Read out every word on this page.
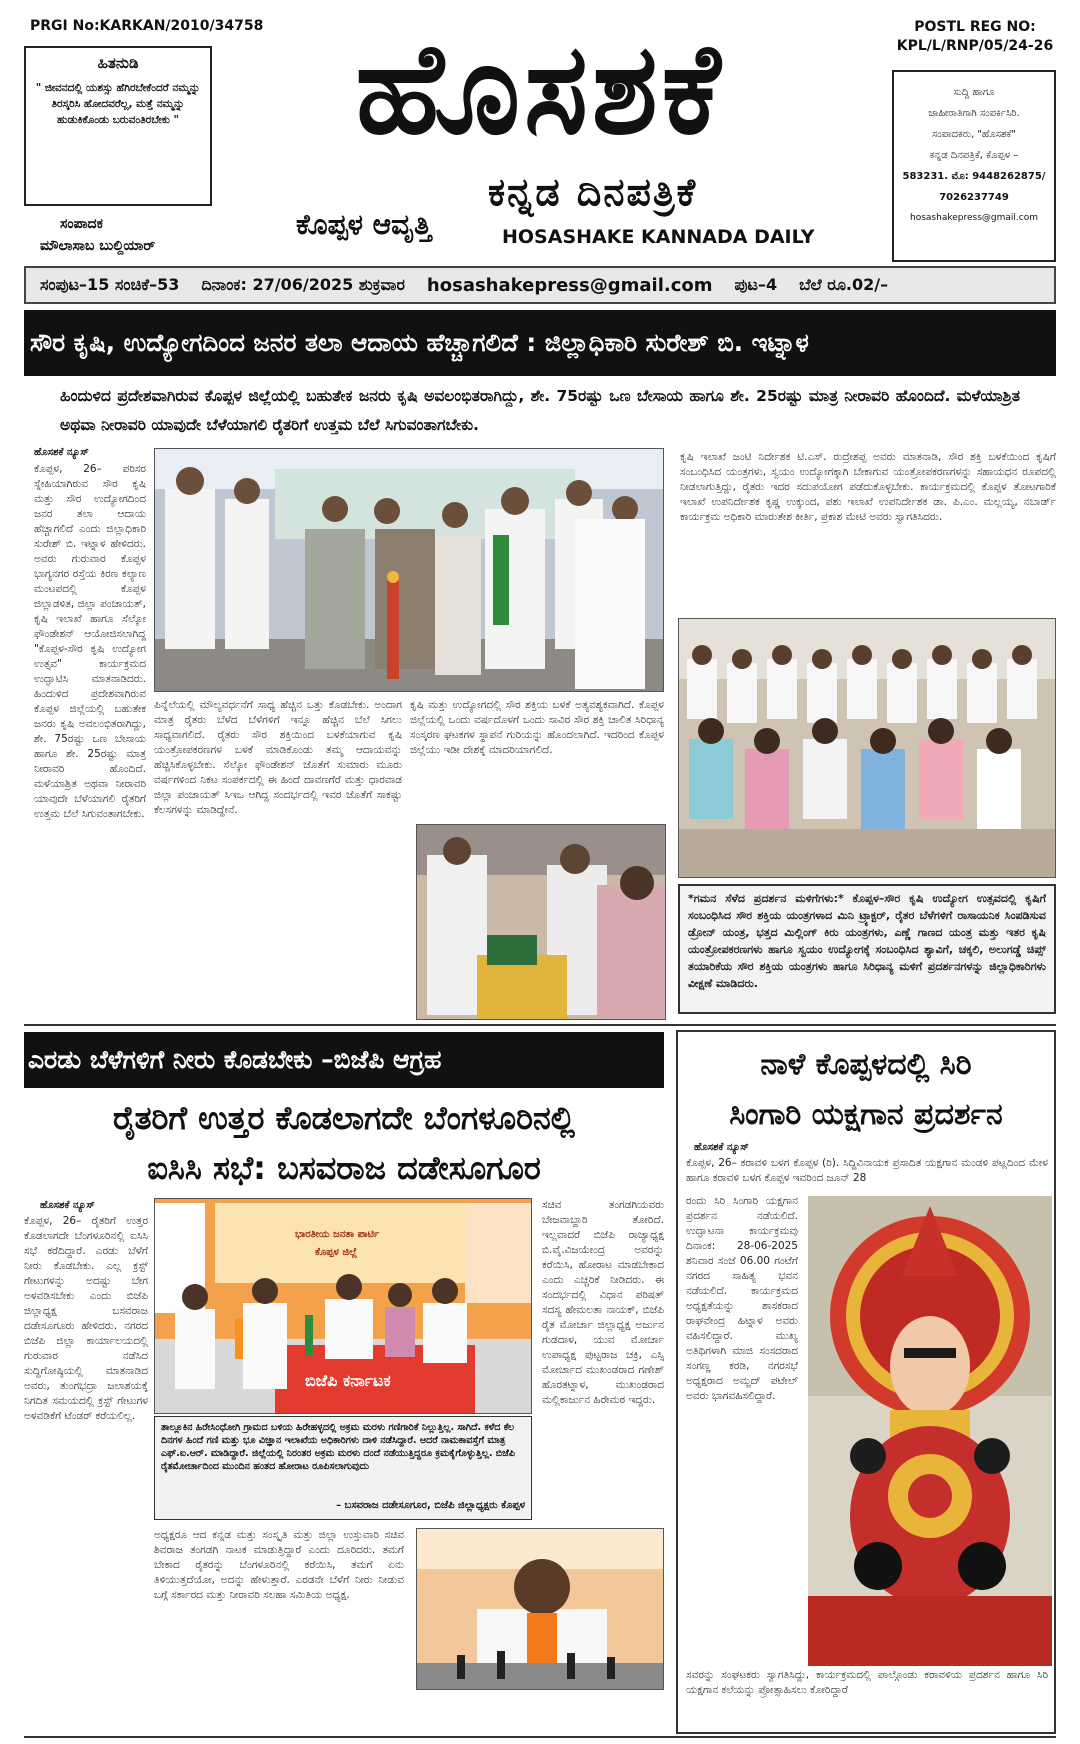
PRGI No:KARKAN/2010/34758	POSTL REG NO:
KPL/L/RNP/05/24-26
ಹಿತನುಡಿ
" ಜೀವನದಲ್ಲಿ ಯಶಸ್ಸು ಹೆಗಿರಬೇಕೆಂದರೆ ನಮ್ಮನ್ನು ತಿರಸ್ಕರಿಸಿ ಹೋದವರೆಲ್ಲ, ಮತ್ತೆ ನಮ್ಮನ್ನು ಹುಡುಕಿಕೊಂಡು ಬರುವಂತಿರಬೇಕು "
ಸಂಪಾದಕ
ಮೌಲಾಸಾಬ ಬುಲ್ದಿಯಾರ್
ಹೊಸಶಕೆ
ಕನ್ನಡ ದಿನಪತ್ರಿಕೆ
ಕೊಪ್ಪಳ ಆವೃತ್ತಿ	HOSASHAKE KANNADA DAILY
ಸುದ್ದಿ ಹಾಗೂ
ಜಾಹೀರಾತಿಗಾಗಿ ಸಂಪರ್ಕಿಸಿರಿ.
ಸಂಪಾದಕರು, "ಹೊಸಶಕೆ"
ಕನ್ನಡ ದಿನಪತ್ರಿಕೆ, ಕೊಪ್ಪಳ –
583231. ಮೊ: 9448262875/
7026237749
hosashakepress@gmail.com
ಸಂಪುಟ–15 ಸಂಚಿಕೆ–53 ದಿನಾಂಕ: 27/06/2025 ಶುಕ್ರವಾರ hosashakepress@gmail.com ಪುಟ–4 ಬೆಲೆ ರೂ.02/–
ಸೌರ ಕೃಷಿ, ಉದ್ಯೋಗದಿಂದ ಜನರ ತಲಾ ಆದಾಯ ಹೆಚ್ಚಾಗಲಿದೆ : ಜಿಲ್ಲಾಧಿಕಾರಿ ಸುರೇಶ್ ಬಿ. ಇಟ್ನಾಳ
ಹಿಂದುಳಿದ ಪ್ರದೇಶವಾಗಿರುವ ಕೊಪ್ಪಳ ಜಿಲ್ಲೆಯಲ್ಲಿ ಬಹುತೇಕ ಜನರು ಕೃಷಿ ಅವಲಂಭಿತರಾಗಿದ್ದು, ಶೇ. 75ರಷ್ಟು ಒಣ ಬೇಸಾಯ ಹಾಗೂ ಶೇ. 25ರಷ್ಟು ಮಾತ್ರ ನೀರಾವರಿ ಹೊಂದಿದೆ. ಮಳೆಯಾಶ್ರಿತ ಅಥವಾ ನೀರಾವರಿ ಯಾವುದೇ ಬೆಳೆಯಾಗಲಿ ರೈತರಿಗೆ ಉತ್ತಮ ಬೆಲೆ ಸಿಗುವಂತಾಗಬೇಕು.
ಹೊಸಶಕೆ ನ್ಯೂಸ್
ಕೊಪ್ಪಳ, 26– ಪರಿಸರ ಸ್ನೇಹಿಯಾಗಿರುವ ಸೌರ ಕೃಷಿ ಮತ್ತು ಸೌರ ಉದ್ಯೋಗದಿಂದ ಜನರ ತಲಾ ಆದಾಯ ಹೆಚ್ಚಾಗಲಿದೆ ಎಂದು ಜಿಲ್ಲಾಧಿಕಾರಿ ಸುರೇಶ್ ಬಿ. ಇಟ್ನಾಳ ಹೇಳಿದರು. ಅವರು ಗುರುವಾರ ಕೊಪ್ಪಳ ಭಾಗ್ಯನಗರ ರಸ್ತೆಯ ಕಿರಣ ಕಲ್ಯಾಣ ಮಂಟಪದಲ್ಲಿ ಕೊಪ್ಪಳ ಜಿಲ್ಲಾಡಳಿತ, ಜಿಲ್ಲಾ ಪಂಚಾಯತ್, ಕೃಷಿ ಇಲಾಖೆ ಹಾಗೂ ಸೆಲ್ಕೋ ಫೌಂಡೇಶನ್ ಆಯೋಜಿಸಲಾಗಿದ್ದ "ಕೊಪ್ಪಳ-ಸೌರ ಕೃಷಿ ಉದ್ಯೋಗ ಉತ್ಸವ" ಕಾರ್ಯಕ್ರಮದ ಉದ್ಘಾಟಿಸಿ ಮಾತನಾಡಿದರು. ಹಿಂದುಳಿದ ಪ್ರದೇಶವಾಗಿರುವ ಕೊಪ್ಪಳ ಜಿಲ್ಲೆಯಲ್ಲಿ ಬಹುತೇಕ ಜನರು ಕೃಷಿ ಅವಲಂಭಿತರಾಗಿದ್ದು, ಶೇ. 75ರಷ್ಟು ಒಣ ಬೇಸಾಯ ಹಾಗೂ ಶೇ. 25ರಷ್ಟು ಮಾತ್ರ ನೀರಾವರಿ ಹೊಂದಿದೆ. ಮಳೆಯಾಶ್ರಿತ ಅಥವಾ ನೀರಾವರಿ ಯಾವುದೇ ಬೆಳೆಯಾಗಲಿ ರೈತರಿಗೆ ಉತ್ತಮ ಬೆಲೆ ಸಿಗುವಂತಾಗಬೇಕು.
ಪಿನ್ನೆಲೆಯಲ್ಲಿ ಮೌಲ್ಯವರ್ಧನೆಗೆ ಸಾಧ್ಯ ಹೆಚ್ಚಿನ ಒತ್ತು ಕೊಡಬೇಕು. ಅಂದಾಗ ಮಾತ್ರ ರೈತರು ಬೆಳೆದ ಬೆಳೆಗಳಿಗೆ ಇನ್ನೂ ಹೆಚ್ಚಿನ ಬೆಲೆ ಸಿಗಲು ಸಾಧ್ಯವಾಗಲಿದೆ. ರೈತರು ಸೌರ ಶಕ್ತಿಯಿಂದ ಬಳಕೆಯಾಗುವ ಕೃಷಿ ಯಂತ್ರೋಪಕರಣಗಳ ಬಳಕೆ ಮಾಡಿಕೊಂಡು ತಮ್ಮ ಆದಾಯವನ್ನು ಹೆಚ್ಚಿಸಿಕೊಳ್ಳಬೇಕು. ಸೆಲ್ಕೋ ಫೌಂಡೇಶನ್ ಜೊತೆಗೆ ಸುಮಾರು ಮೂರು ವರ್ಷಗಳಿಂದ ನಿಕಟ ಸಂಪರ್ಕದಲ್ಲಿ ಈ ಹಿಂದೆ ದಾವಣಗೆರೆ ಮತ್ತು ಧಾರವಾಡ ಜಿಲ್ಲಾ ಪಂಚಾಯತ್ ಸಿಇಒ ಆಗಿದ್ದ ಸಂದರ್ಭದಲ್ಲಿ ಇವರ ಜೊತೆಗೆ ಸಾಕಷ್ಟು ಕೆಲಸಗಳನ್ನು ಮಾಡಿದ್ದೇನೆ.
ಕೃಷಿ ಮತ್ತು ಉದ್ಯೋಗದಲ್ಲಿ ಸೌರ ಶಕ್ತಿಯ ಬಳಕೆ ಅತ್ಯವಶ್ಯಕವಾಗಿದೆ. ಕೊಪ್ಪಳ ಜಿಲ್ಲೆಯಲ್ಲಿ ಒಂದು ವರ್ಷದೊಳಗೆ ಒಂದು ಸಾವಿರ ಸೌರ ಶಕ್ತಿ ಚಾಲಿತ ಸಿರಿಧಾನ್ಯ ಸಂಸ್ಕರಣ ಘಟಕಗಳ ಸ್ಥಾಪನೆ ಗುರಿಯನ್ನು ಹೊಂದಲಾಗಿದೆ. ಇದರಿಂದ ಕೊಪ್ಪಳ ಜಿಲ್ಲೆಯು ಇಡೀ ದೇಶಕ್ಕೆ ಮಾದರಿಯಾಗಲಿದೆ.
ಕೃಷಿ ಇಲಾಖೆ ಜಂಟಿ ನಿರ್ದೇಶಕ ಟಿ.ಎಸ್. ರುದ್ರೇಶಪ್ಪ ಅವರು ಮಾತನಾಡಿ, ಸೌರ ಶಕ್ತಿ ಬಳಕೆಯಿಂದ ಕೃಷಿಗೆ ಸಂಬಂಧಿಸಿದ ಯಂತ್ರಗಳು, ಸ್ವಯಂ ಉದ್ಯೋಗಕ್ಕಾಗಿ ಬೇಕಾಗುವ ಯಂತ್ರೋಪಕರಣಗಳನ್ನು ಸಹಾಯಧನ ರೂಪದಲ್ಲಿ ನೀಡಲಾಗುತ್ತಿದ್ದು, ರೈತರು ಇದರ ಸದುಪಯೋಗ ಪಡೆದುಕೊಳ್ಳಬೇಕು. ಕಾರ್ಯಕ್ರಮದಲ್ಲಿ ಕೊಪ್ಪಳ ತೋಟಗಾರಿಕೆ ಇಲಾಖೆ ಉಪನಿರ್ದೇಶಕ ಕೃಷ್ಣ ಉಕ್ಕುಂದ, ಪಶು ಇಲಾಖೆ ಉಪನಿರ್ದೇಶಕ ಡಾ. ಪಿ.ಎಂ. ಮಲ್ಲಯ್ಯ, ನಬಾರ್ಡ್ ಕಾರ್ಯಕ್ರಮ ಅಧಿಕಾರಿ ಮಾರುತೇಶ ಕೀರ್ತಿ, ಪ್ರಕಾಶ ಮೇಟಿ ಅವರು ಸ್ವಾಗತಿಸಿದರು.
*ಗಮನ ಸೆಳೆದ ಪ್ರದರ್ಶನ ಮಳಿಗೆಗಳು:* ಕೊಪ್ಪಳ–ಸೌರ ಕೃಷಿ ಉದ್ಯೋಗ ಉತ್ಸವದಲ್ಲಿ ಕೃಷಿಗೆ ಸಂಬಂಧಿಸಿದ ಸೌರ ಶಕ್ತಿಯ ಯಂತ್ರಗಳಾದ ಮಿನಿ ಟ್ರ್ಯಾಕ್ಟರ್, ರೈತರ ಬೆಳೆಗಳಿಗೆ ರಾಸಾಯನಿಕ ಸಿಂಪಡಿಸುವ ಡ್ರೋನ್ ಯಂತ್ರ, ಭತ್ತದ ಮಿಲ್ಲಿಂಗ್ ಕಿರು ಯಂತ್ರಗಳು, ಎಣ್ಣೆ ಗಾಣದ ಯಂತ್ರ ಮತ್ತು ಇತರ ಕೃಷಿ ಯಂತ್ರೋಪಕರಣಗಳು ಹಾಗೂ ಸ್ವಯಂ ಉದ್ಯೋಗಕ್ಕೆ ಸಂಬಂಧಿಸಿದ ಶ್ಯಾವಿಗೆ, ಚಕ್ಕಲಿ, ಅಲುಗಡ್ಡೆ ಚಿಪ್ಸ್ ತಯಾರಿಕೆಯ ಸೌರ ಶಕ್ತಿಯ ಯಂತ್ರಗಳು ಹಾಗೂ ಸಿರಿಧಾನ್ಯ ಮಳಿಗೆ ಪ್ರದರ್ಶನಗಳನ್ನು ಜಿಲ್ಲಾಧಿಕಾರಿಗಳು ವೀಕ್ಷಣೆ ಮಾಡಿದರು.
ಎರಡು ಬೆಳೆಗಳಿಗೆ ನೀರು ಕೊಡಬೇಕು –ಬಿಜೆಪಿ ಆಗ್ರಹ
ರೈತರಿಗೆ ಉತ್ತರ ಕೊಡಲಾಗದೇ ಬೆಂಗಳೂರಿನಲ್ಲಿ
ಐಸಿಸಿ ಸಭೆ: ಬಸವರಾಜ ದಡೇಸೂಗೂರ
ಹೊಸಶಕೆ ನ್ಯೂಸ್
ಕೊಪ್ಪಳ, 26– ರೈತರಿಗೆ ಉತ್ತರ ಕೊಡಲಾಗದೇ ಬೆಂಗಳೂರಿನಲ್ಲಿ ಐಸಿಸಿ ಸಭೆ ಕರೆದಿದ್ದಾರೆ. ಎರಡು ಬೆಳೆಗೆ ನೀರು ಕೊಡಬೇಕು. ಎಲ್ಲ ಕ್ರಸ್ಟ್ ಗೇಟುಗಳನ್ನು ಅದಷ್ಟು ಬೇಗ ಅಳವಡಿಸಬೇಕು ಎಂದು ಬಿಜೆಪಿ ಜಿಲ್ಲಾಧ್ಯಕ್ಷ ಬಸವರಾಜ ದಡೇಸೂಗೂರು ಹೇಳಿದರು. ನಗರದ ಬಿಜೆಪಿ ಜಿಲ್ಲಾ ಕಾರ್ಯಾಲಯದಲ್ಲಿ ಗುರುವಾರ ನಡೆಸಿದ ಸುದ್ದಿಗೋಷ್ಠಿಯಲ್ಲಿ ಮಾತನಾಡಿದ ಅವರು, ತುಂಗಭದ್ರಾ ಜಲಾಶಯಕ್ಕೆ ನಿಗದಿತ ಸಮಯದಲ್ಲಿ ಕ್ರಸ್ಟ್ ಗೇಟುಗಳ ಅಳವಡಿಕೆಗೆ ಟೆಂಡರ್ ಕರೆಯಲಿಲ್ಲ.
ಭಾರತೀಯ ಜನತಾ ಪಾರ್ಟಿ
ಕೊಪ್ಪಳ ಜಿಲ್ಲೆ
ಬಿಜೆಪಿ ಕರ್ನಾಟಕ
ತಾಲ್ಲೂಕಿನ ಹಿರೇಸಿಂಧೋಗಿ ಗ್ರಾಮದ ಬಳಿಯ ಹಿರೇಹಳ್ಳದಲ್ಲಿ ಅಕ್ರಮ ಮರಳು ಗಣಿಗಾರಿಕೆ ನಿಲ್ಲುತ್ತಿಲ್ಲ. ಸಾಗಿದೆ. ಕಳೆದ ಕೆಲ ದಿನಗಳ ಹಿಂದೆ ಗಣಿ ಮತ್ತು ಭೂ ವಿಜ್ಞಾನ ಇಲಾಖೆಯ ಅಧಿಕಾರಿಗಳು ದಾಳಿ ನಡೆಸಿದ್ದಾರೆ. ಆದರೆ ನಾಮಕಾವಸ್ತೆಗೆ ಮಾತ್ರ ಎಫ್.ಐ.ಆರ್. ಮಾಡಿದ್ದಾರೆ. ಜಿಲ್ಲೆಯಲ್ಲಿ ನಿರಂತರ ಅಕ್ರಮ ಮರಳು ದಂದೆ ನಡೆಯುತ್ತಿದ್ದರೂ ಕ್ರಮಕೈಗೊಳ್ಳುತ್ತಿಲ್ಲ. ಬಿಜೆಪಿ ರೈತಮೋರ್ಚಾದಿಂದ ಮುಂದಿನ ಹಂತದ ಹೋರಾಟ ರೂಪಿಸಲಾಗುವುದು
– ಬಸವರಾಜ ದಡೇಸೂಗೂರ, ಬಿಜೆಪಿ ಜಿಲ್ಲಾಧ್ಯಕ್ಷರು ಕೊಪ್ಪಳ
ಸಚಿವ ತಂಗಡಗಿಯವರು ಬೇಜವಾಬ್ದಾರಿ ತೋರಿದೆ. ಇಲ್ಲವಾದರೆ ಬಿಜೆಪಿ ರಾಜ್ಯಾಧ್ಯಕ್ಷ ಬಿ.ವೈ.ವಿಜಯೇಂದ್ರ ಅವರನ್ನು ಕರೆಯಿಸಿ, ಹೋರಾಟ ಮಾಡಬೇಕಾದ ಎಂದು ಎಚ್ಚರಿಕೆ ನೀಡಿದರು. ಈ ಸಂದರ್ಭದಲ್ಲಿ ವಿಧಾನ ಪರಿಷತ್ ಸದಸ್ಯ ಹೇಮಲತಾ ನಾಯಕ್, ಬಿಜೆಪಿ ರೈತ ಮೋರ್ಚಾ ಜಿಲ್ಲಾಧ್ಯಕ್ಷ ಅರ್ಜುನ ಗುಡದಾಳ, ಯುವ ಮೋರ್ಚಾ ಉಪಾಧ್ಯಕ್ಷ ಪುಟ್ಟರಾಜ ಚಕ್ರಿ, ಎಸ್ಸಿ ಮೋರ್ಚಾದ ಮುಖಂಡರಾದ ಗಣೇಶ್ ಹೊರತಟ್ನಾಳ, ಮುಖಂಡರಾದ ಮಲ್ಲಿಕಾರ್ಜುನ ಹಿರೇಮಠ ಇದ್ದರು.
ಅಧ್ಯಕ್ಷರೂ ಆದ ಕನ್ನಡ ಮತ್ತು ಸಂಸ್ಕೃತಿ ಮತ್ತು ಜಿಲ್ಲಾ ಉಸ್ತುವಾರಿ ಸಚಿವ ಶಿವರಾಜ ತಂಗಡಗಿ ನಾಟಕ ಮಾಡುತ್ತಿದ್ದಾರೆ ಎಂದು ದೂರಿದರು. ತಮಗೆ ಬೇಕಾದ ರೈತರನ್ನು ಬೆಂಗಳೂರಿನಲ್ಲಿ ಕರೆಯಿಸಿ, ತಮಗೆ ಏನು ತಿಳಿಯುತ್ತದೆಯೋ, ಅದನ್ನು ಹೇಳುತ್ತಾರೆ. ಎರಡನೇ ಬೆಳೆಗೆ ನೀರು ನೀಡುವ ಬಗ್ಗೆ ಸರ್ಕಾರದ ಮತ್ತು ನೀರಾವರಿ ಸಲಹಾ ಸಮಿತಿಯ ಅಧ್ಯಕ್ಷ.
ನಾಳೆ ಕೊಪ್ಪಳದಲ್ಲಿ ಸಿರಿ
ಸಿಂಗಾರಿ ಯಕ್ಷಗಾನ ಪ್ರದರ್ಶನ
ಹೊಸಶಕೆ ನ್ಯೂಸ್
ಕೊಪ್ಪಳ, 26– ಕರಾವಳಿ ಬಳಗ ಕೊಪ್ಪಳ (ರಿ). ಸಿದ್ದಿವಿನಾಯಕ ಪ್ರಸಾದಿತ ಯಕ್ಷಗಾನ ಮಂಡಳಿ ಪಟ್ಲದಿಂದ ಮೇಳ ಹಾಗೂ ಕರಾವಳಿ ಬಳಗ ಕೊಪ್ಪಳ ಇವರಿಂದ ಜೂನ್ 28
ರಂದು ಸಿರಿ ಸಿಂಗಾರಿ ಯಕ್ಷಗಾನ ಪ್ರದರ್ಶನ ನಡೆಯಲಿದೆ. ಉದ್ಘಾಟನಾ ಕಾರ್ಯಕ್ರಮವು ದಿನಾಂಕ: 28-06-2025 ಶನಿವಾರ ಸಂಜೆ 06.00 ಗಂಟೆಗೆ ನಗರದ ಸಾಹಿತ್ಯ ಭವನ ನಡೆಯಲಿದೆ. ಕಾರ್ಯಕ್ರಮದ ಅಧ್ಯಕ್ಷತೆಯನ್ನು ಶಾಸಕರಾದ ರಾಘವೇಂದ್ರ ಹಿಟ್ನಾಳ ಅವರು ವಹಿಸಲಿದ್ದಾರೆ. ಮುಖ್ಯ ಅತಿಥಿಗಳಾಗಿ ಮಾಜಿ ಸಂಸದರಾದ ಸಂಗಣ್ಣ ಕರಡಿ, ನಗರಸಭೆ ಅಧ್ಯಕ್ಷರಾದ ಅಮ್ಜದ್ ಪಟೇಲ್ ಅವರು ಭಾಗವಹಿಸಲಿದ್ದಾರೆ.
ಸವರನ್ನು ಸಂಘಟಕರು ಸ್ವಾಗತಿಸಿದ್ದು, ಕಾರ್ಯಕ್ರಮದಲ್ಲಿ ಪಾಲ್ಗೊಂಡು ಕರಾವಳಿಯ ಪ್ರದರ್ಶನ ಹಾಗೂ ಸಿರಿ ಯಕ್ಷಗಾನ ಕಲೆಯನ್ನು ಪ್ರೋತ್ಸಾಹಿಸಲು ಕೋರಿದ್ದಾರೆ
